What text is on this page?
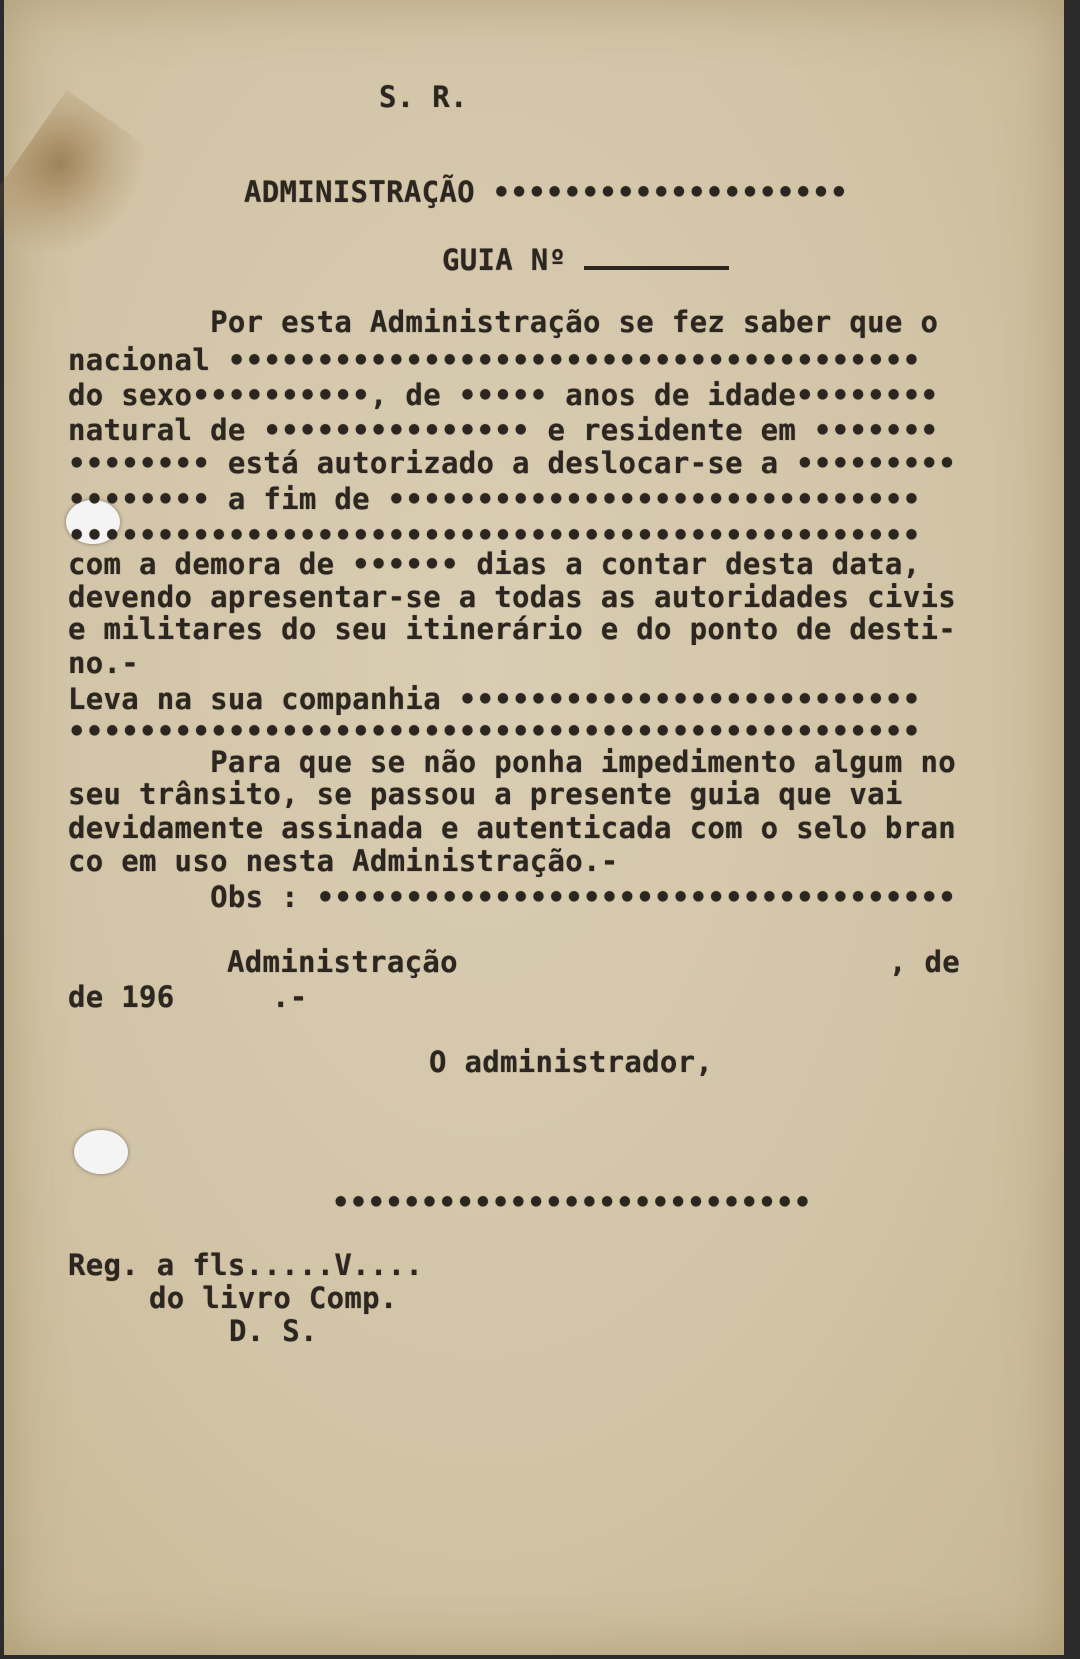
S. R.
ADMINISTRAÇÃO ••••••••••••••••••••
GUIA Nº
Por esta Administração se fez saber que o
nacional •••••••••••••••••••••••••••••••••••••••
do sexo••••••••••, de ••••• anos de idade••••••••
natural de ••••••••••••••• e residente em •••••••
•••••••• está autorizado a deslocar-se a •••••••••
•••••••• a fim de ••••••••••••••••••••••••••••••
••••••••••••••••••••••••••••••••••••••••••••••••
com a demora de •••••• dias a contar desta data,
devendo apresentar-se a todas as autoridades civis
e militares do seu itinerário e do ponto de desti-
no.-
Leva na sua companhia ••••••••••••••••••••••••••
••••••••••••••••••••••••••••••••••••••••••••••••
Para que se não ponha impedimento algum no
seu trânsito, se passou a presente guia que vai
devidamente assinada e autenticada com o selo bran
co em uso nesta Administração.-
Obs : ••••••••••••••••••••••••••••••••••••
Administração	, de
de 196	.-
O administrador,
•••••••••••••••••••••••••••
Reg. a fls.....V....
do livro Comp.
D. S.
